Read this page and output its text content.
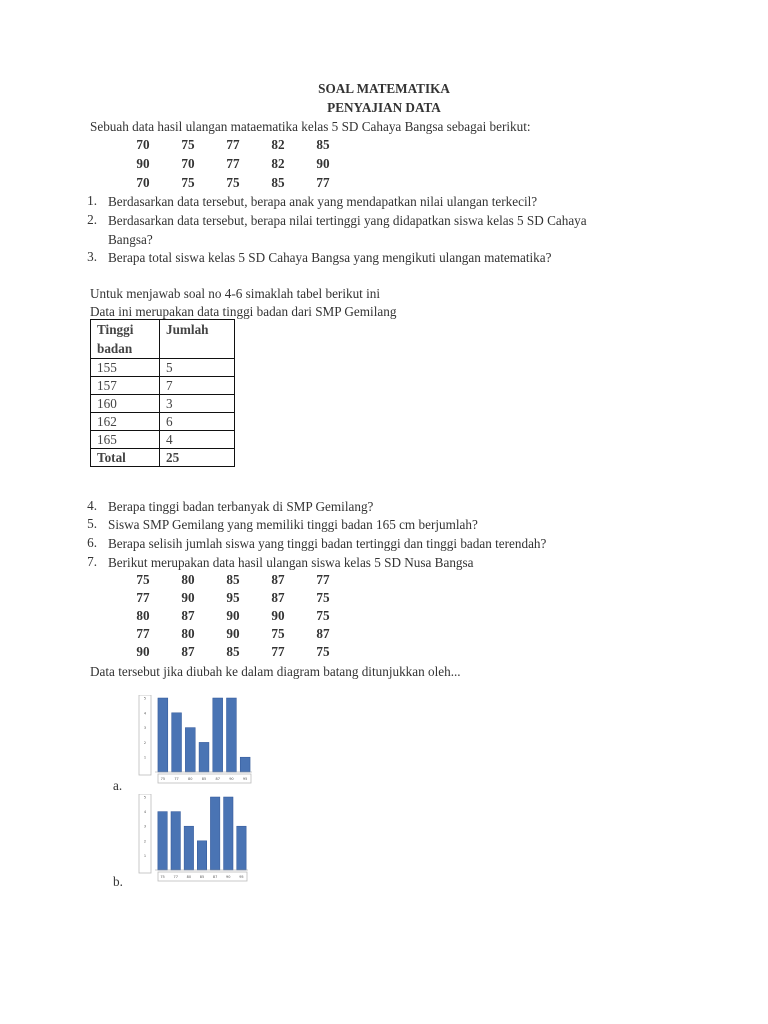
SOAL MATEMATIKA
PENYAJIAN DATA
Sebuah data hasil ulangan mataematika kelas 5 SD Cahaya Bangsa sebagai berikut:
70	75	77	82	85
90	70	77	82	90
70	75	75	85	77
1. Berdasarkan data tersebut, berapa anak yang mendapatkan nilai ulangan terkecil?
2. Berdasarkan data tersebut, berapa nilai tertinggi yang didapatkan siswa kelas 5 SD Cahaya
Bangsa?
3. Berapa total siswa kelas 5 SD Cahaya Bangsa yang mengikuti ulangan matematika?
Untuk menjawab soal no 4-6 simaklah tabel berikut ini
Data ini merupakan data tinggi badan dari SMP Gemilang
Tinggi
badan	Jumlah
155	5
157	7
160	3
162	6
165	4
Total	25
4. Berapa tinggi badan terbanyak di SMP Gemilang?
5. Siswa SMP Gemilang yang memiliki tinggi badan 165 cm berjumlah?
6. Berapa selisih jumlah siswa yang tinggi badan tertinggi dan tinggi badan terendah?
7. Berikut merupakan data hasil ulangan siswa kelas 5 SD Nusa Bangsa
75	80	85	87	77
77	90	95	87	75
80	87	90	90	75
77	80	90	75	87
90	87	85	77	75
Data tersebut jika diubah ke dalam diagram batang ditunjukkan oleh...
5
4
3
2
1
75	77	80	85	87	90	95
a.
5
4
3
2
1
75 77 80 85 87 90 95
b.
